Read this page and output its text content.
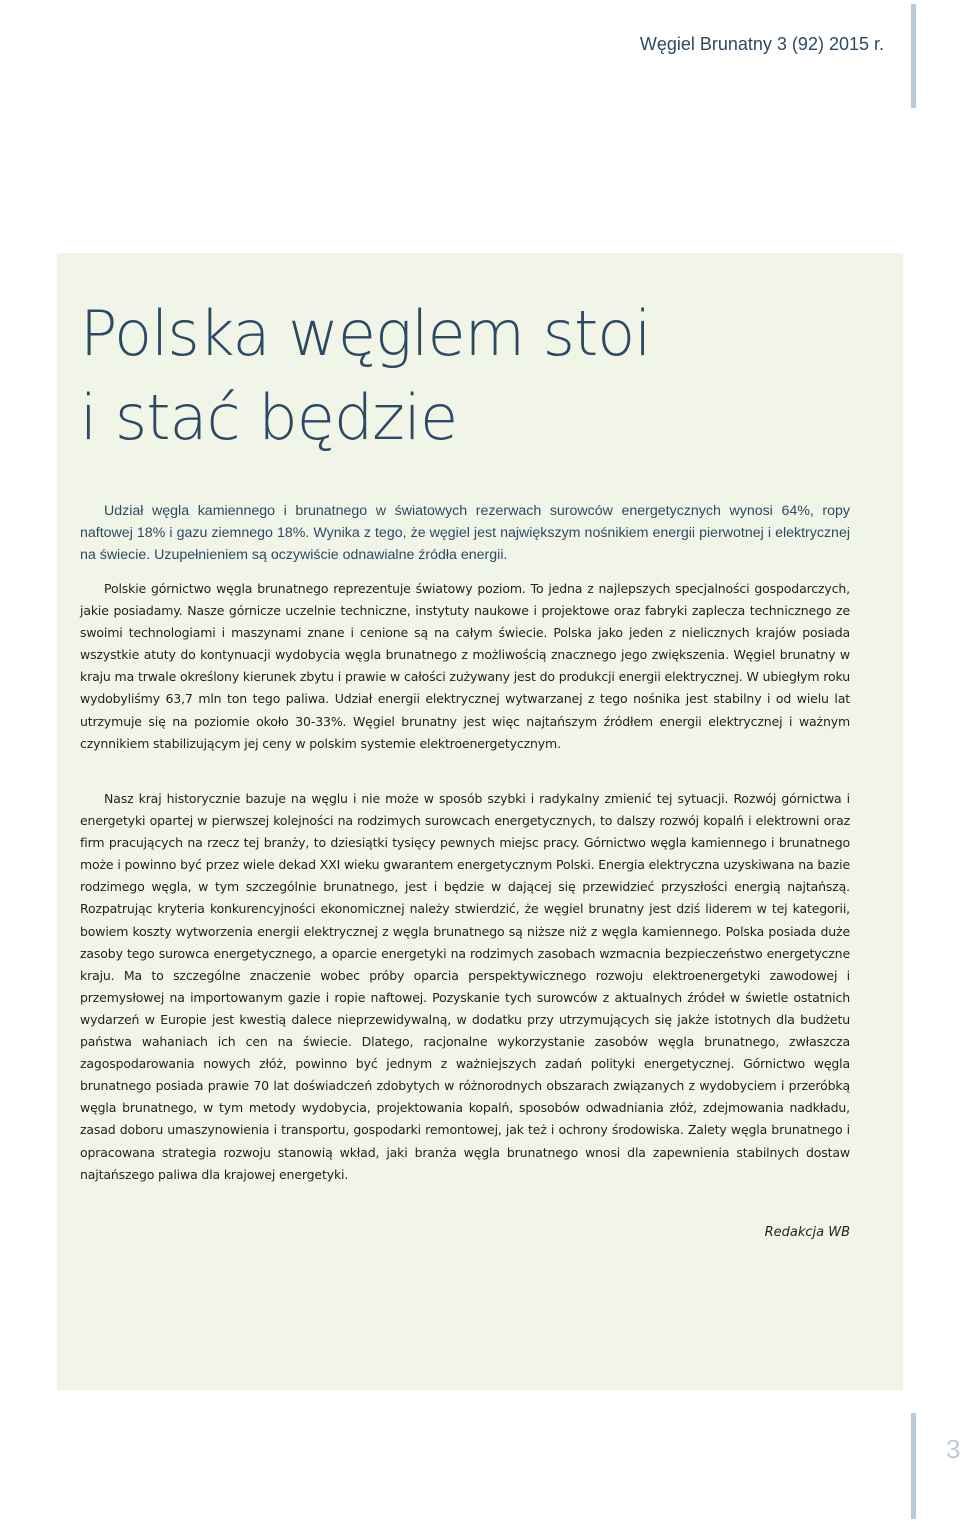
Węgiel Brunatny 3 (92) 2015 r.
Polska węglem stoi
i stać będzie

Udział węgla kamiennego i brunatnego w światowych rezerwach surowców energetycznych wynosi 64%, ropy naftowej 18% i gazu ziemnego 18%. Wynika z tego, że węgiel jest największym nośnikiem energii pierwotnej i elektrycznej na świecie. Uzupełnieniem są oczywiście odnawialne źródła energii.

Polskie górnictwo węgla brunatnego reprezentuje światowy poziom. To jedna z najlepszych specjalności gospodarczych, jakie posiadamy. Nasze górnicze uczelnie techniczne, instytuty naukowe i projektowe oraz fabryki zaplecza technicznego ze swoimi technologiami i maszynami znane i cenione są na całym świecie. Polska jako jeden z nielicznych krajów posiada wszystkie atuty do kontynuacji wydobycia węgla brunatnego z możliwością znacznego jego zwiększenia. Węgiel brunatny w kraju ma trwale określony kierunek zbytu i prawie w całości zużywany jest do produkcji energii elektrycznej. W ubiegłym roku wydobyliśmy 63,7 mln ton tego paliwa. Udział energii elektrycznej wytwarzanej z tego nośnika jest stabilny i od wielu lat utrzymuje się na poziomie około 30-33%. Węgiel brunatny jest więc najtańszym źródłem energii elektrycznej i ważnym czynnikiem stabilizującym jej ceny w polskim systemie elektroenergetycznym.

Nasz kraj historycznie bazuje na węglu i nie może w sposób szybki i radykalny zmienić tej sytuacji. Rozwój górnictwa i energetyki opartej w pierwszej kolejności na rodzimych surowcach energetycznych, to dalszy rozwój kopalń i elektrowni oraz firm pracujących na rzecz tej branży, to dziesiątki tysięcy pewnych miejsc pracy. Górnictwo węgla kamiennego i brunatnego może i powinno być przez wiele dekad XXI wieku gwarantem energetycznym Polski. Energia elektryczna uzyskiwana na bazie rodzimego węgla, w tym szczególnie brunatnego, jest i będzie w dającej się przewidzieć przyszłości energią najtańszą. Rozpatrując kryteria konkurencyjności ekonomicznej należy stwierdzić, że węgiel brunatny jest dziś liderem w tej kategorii, bowiem koszty wytworzenia energii elektrycznej z węgla brunatnego są niższe niż z węgla kamiennego. Polska posiada duże zasoby tego surowca energetycznego, a oparcie energetyki na rodzimych zasobach wzmacnia bezpieczeństwo energetyczne kraju. Ma to szczególne znaczenie wobec próby oparcia perspektywicznego rozwoju elektroenergetyki zawodowej i przemysłowej na importowanym gazie i ropie naftowej. Pozyskanie tych surowców z aktualnych źródeł w świetle ostatnich wydarzeń w Europie jest kwestią dalece nieprzewidywalną, w dodatku przy utrzymujących się jakże istotnych dla budżetu państwa wahaniach ich cen na świecie. Dlatego, racjonalne wykorzystanie zasobów węgla brunatnego, zwłaszcza zagospodarowania nowych złóż, powinno być jednym z ważniejszych zadań polityki energetycznej. Górnictwo węgla brunatnego posiada prawie 70 lat doświadczeń zdobytych w różnorodnych obszarach związanych z wydobyciem i przeróbką węgla brunatnego, w tym metody wydobycia, projektowania kopalń, sposobów odwadniania złóż, zdejmowania nadkładu, zasad doboru umaszynowienia i transportu, gospodarki remontowej, jak też i ochrony środowiska. Zalety węgla brunatnego i opracowana strategia rozwoju stanowią wkład, jaki branża węgla brunatnego wnosi dla zapewnienia stabilnych dostaw najtańszego paliwa dla krajowej energetyki.

Redakcja WB

3
